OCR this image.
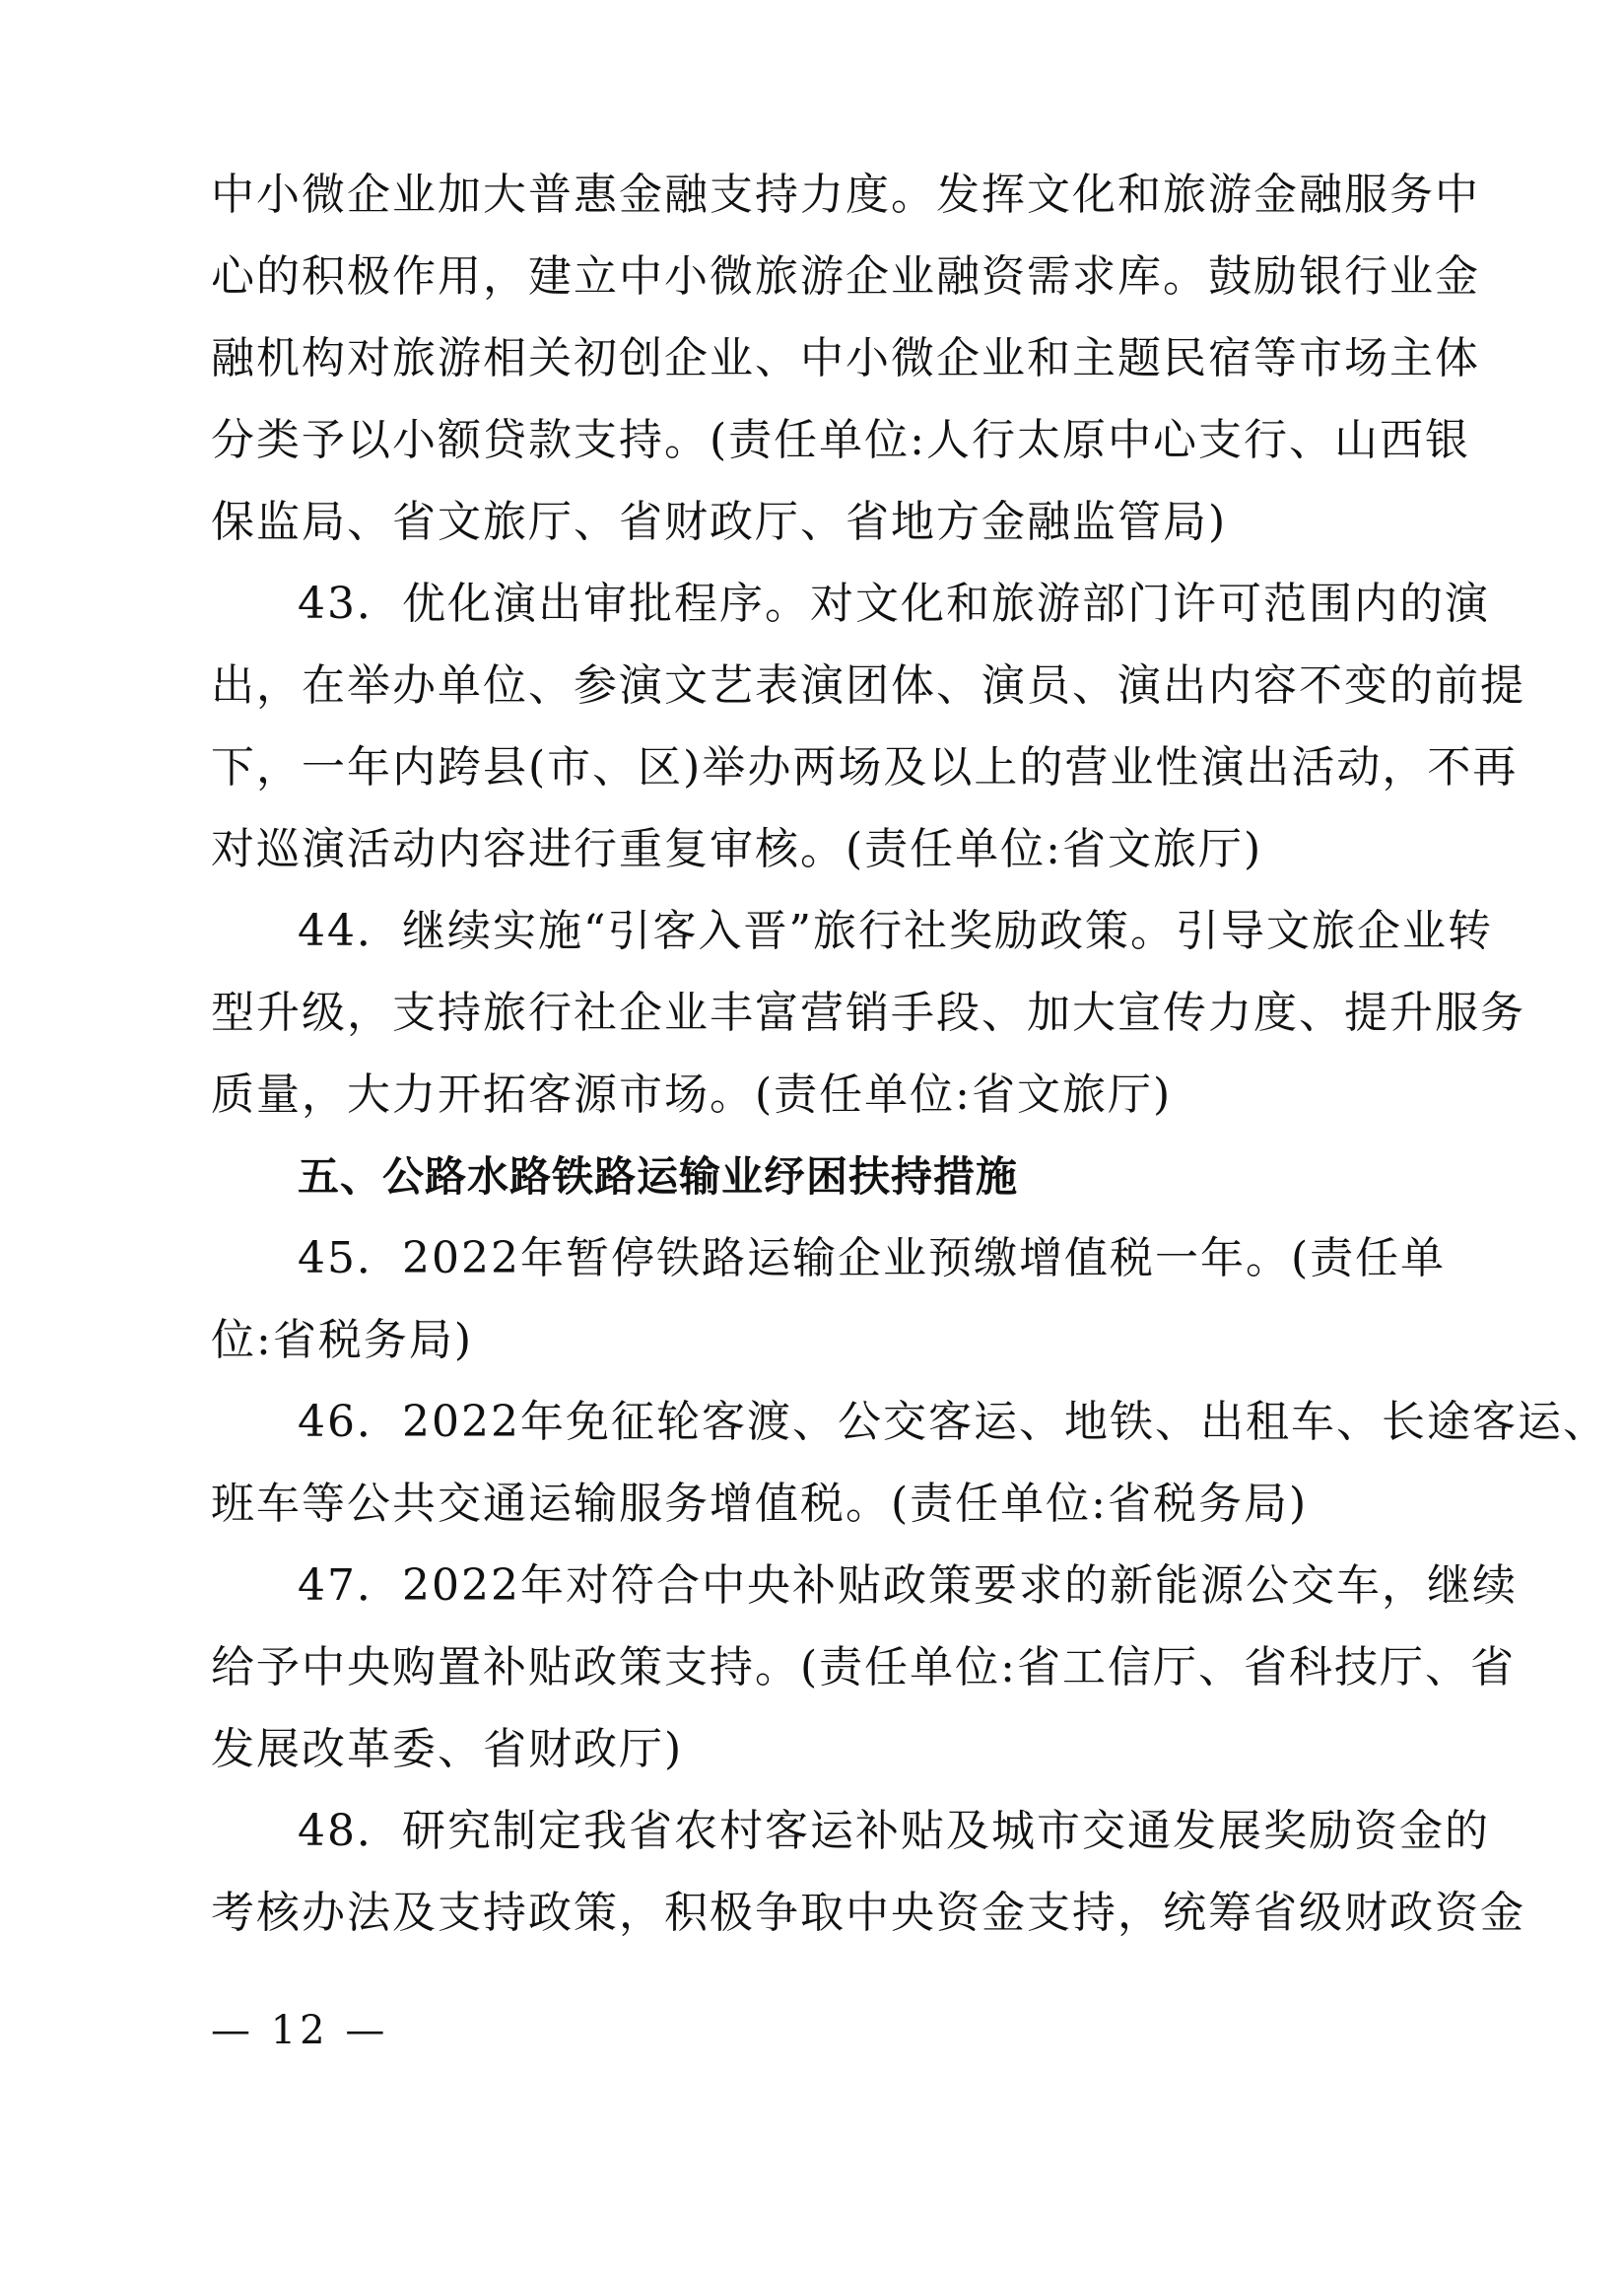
中小微企业加大普惠金融支持力度。发挥文化和旅游金融服务中
心的积极作用，建立中小微旅游企业融资需求库。鼓励银行业金
融机构对旅游相关初创企业、中小微企业和主题民宿等市场主体
分类予以小额贷款支持。(责任单位:人行太原中心支行、山西银
保监局、省文旅厅、省财政厅、省地方金融监管局)
43．优化演出审批程序。对文化和旅游部门许可范围内的演
出，在举办单位、参演文艺表演团体、演员、演出内容不变的前提
下，一年内跨县(市、区)举办两场及以上的营业性演出活动，不再
对巡演活动内容进行重复审核。(责任单位:省文旅厅)
44．继续实施“引客入晋”旅行社奖励政策。引导文旅企业转
型升级，支持旅行社企业丰富营销手段、加大宣传力度、提升服务
质量，大力开拓客源市场。(责任单位:省文旅厅)
五、公路水路铁路运输业纾困扶持措施
45．2022年暂停铁路运输企业预缴增值税一年。(责任单
位:省税务局)
46．2022年免征轮客渡、公交客运、地铁、出租车、长途客运、
班车等公共交通运输服务增值税。(责任单位:省税务局)
47．2022年对符合中央补贴政策要求的新能源公交车，继续
给予中央购置补贴政策支持。(责任单位:省工信厅、省科技厅、省
发展改革委、省财政厅)
48．研究制定我省农村客运补贴及城市交通发展奖励资金的
考核办法及支持政策，积极争取中央资金支持，统筹省级财政资金
— 12 —
